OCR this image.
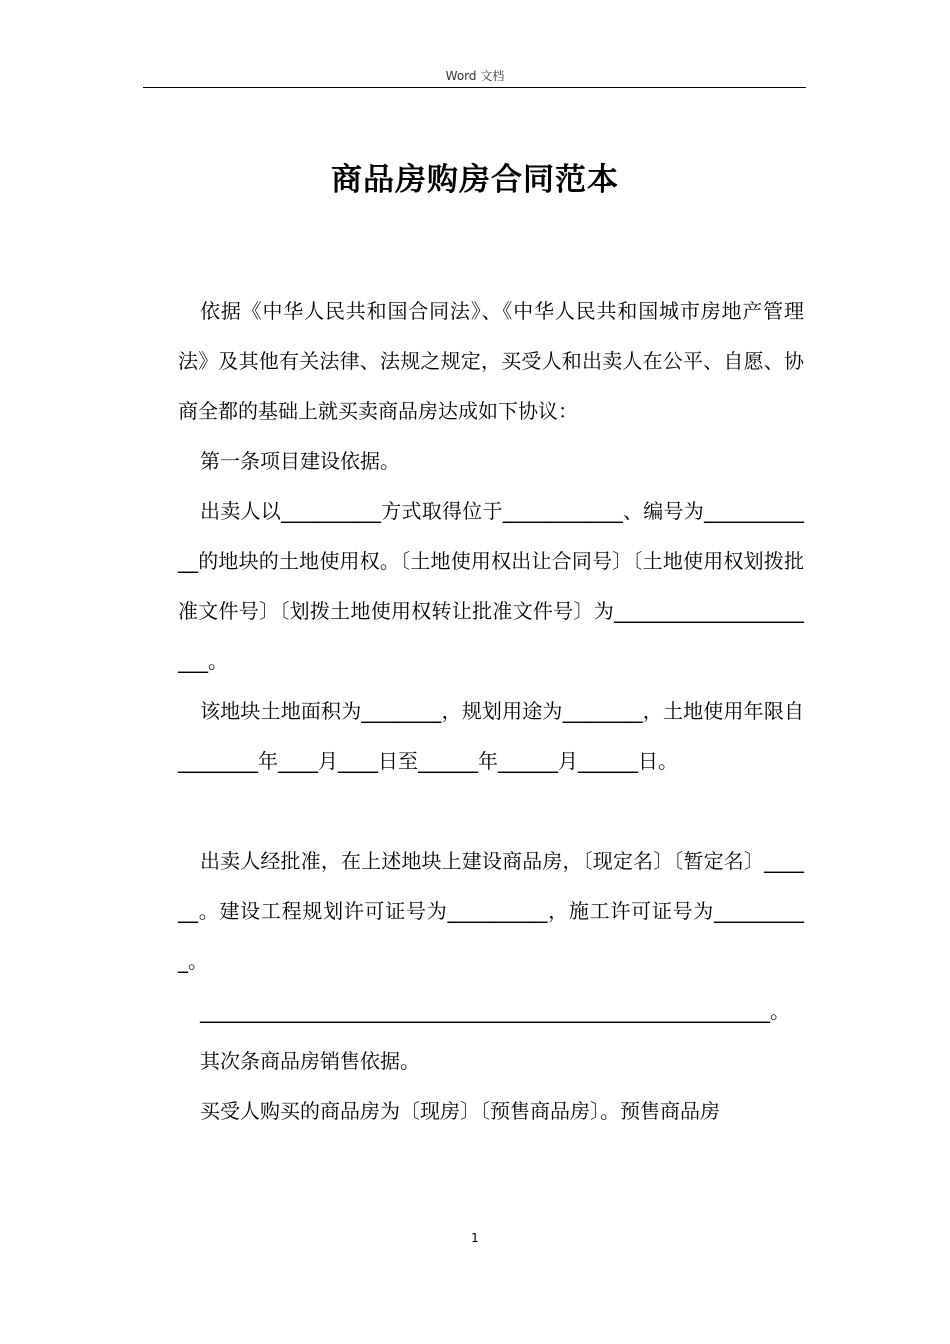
Word 文档
商品房购房合同范本

依据《中华人民共和国合同法》、《中华人民共和国城市房地产管理法》及其他有关法律、法规之规定，买受人和出卖人在公平、自愿、协商全都的基础上就买卖商品房达成如下协议：

第一条项目建设依据。

出卖人以__________方式取得位于____________、编号为____________的地块的土地使用权。〔土地使用权出让合同号〕〔土地使用权划拨批准文件号〕〔划拨土地使用权转让批准文件号〕为______________________。

该地块土地面积为________，规划用途为________，土地使用年限自________年____月____日至______年______月______日。

出卖人经批准，在上述地块上建设商品房，〔现定名〕〔暂定名〕______。建设工程规划许可证号为__________，施工许可证号为__________。

_________________________________________________________。

其次条商品房销售依据。

买受人购买的商品房为〔现房〕〔预售商品房〕。预售商品房

1
